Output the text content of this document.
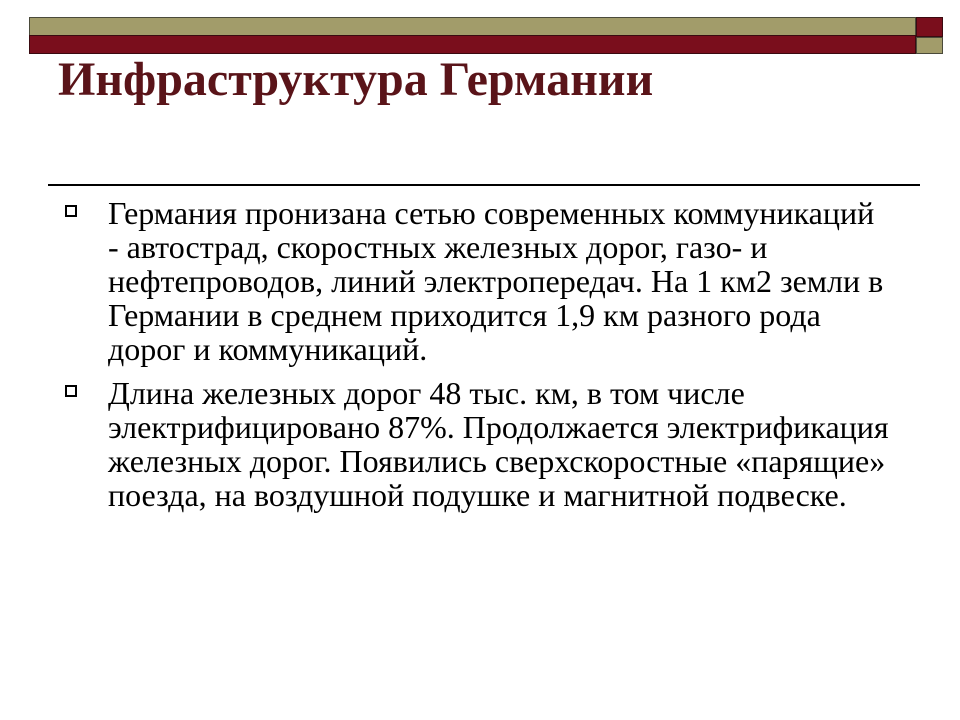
Инфраструктура Германии
Германия пронизана сетью современных коммуникаций - автострад, скоростных железных дорог, газо- и нефтепроводов, линий электропередач. На 1 км2 земли в Германии в среднем приходится 1,9 км разного рода дорог и коммуникаций.
Длина железных дорог 48 тыс. км, в том числе электрифицировано 87%. Продолжается электрификация железных дорог. Появились сверхскоростные «парящие» поезда, на воздушной подушке и магнитной подвеске.
